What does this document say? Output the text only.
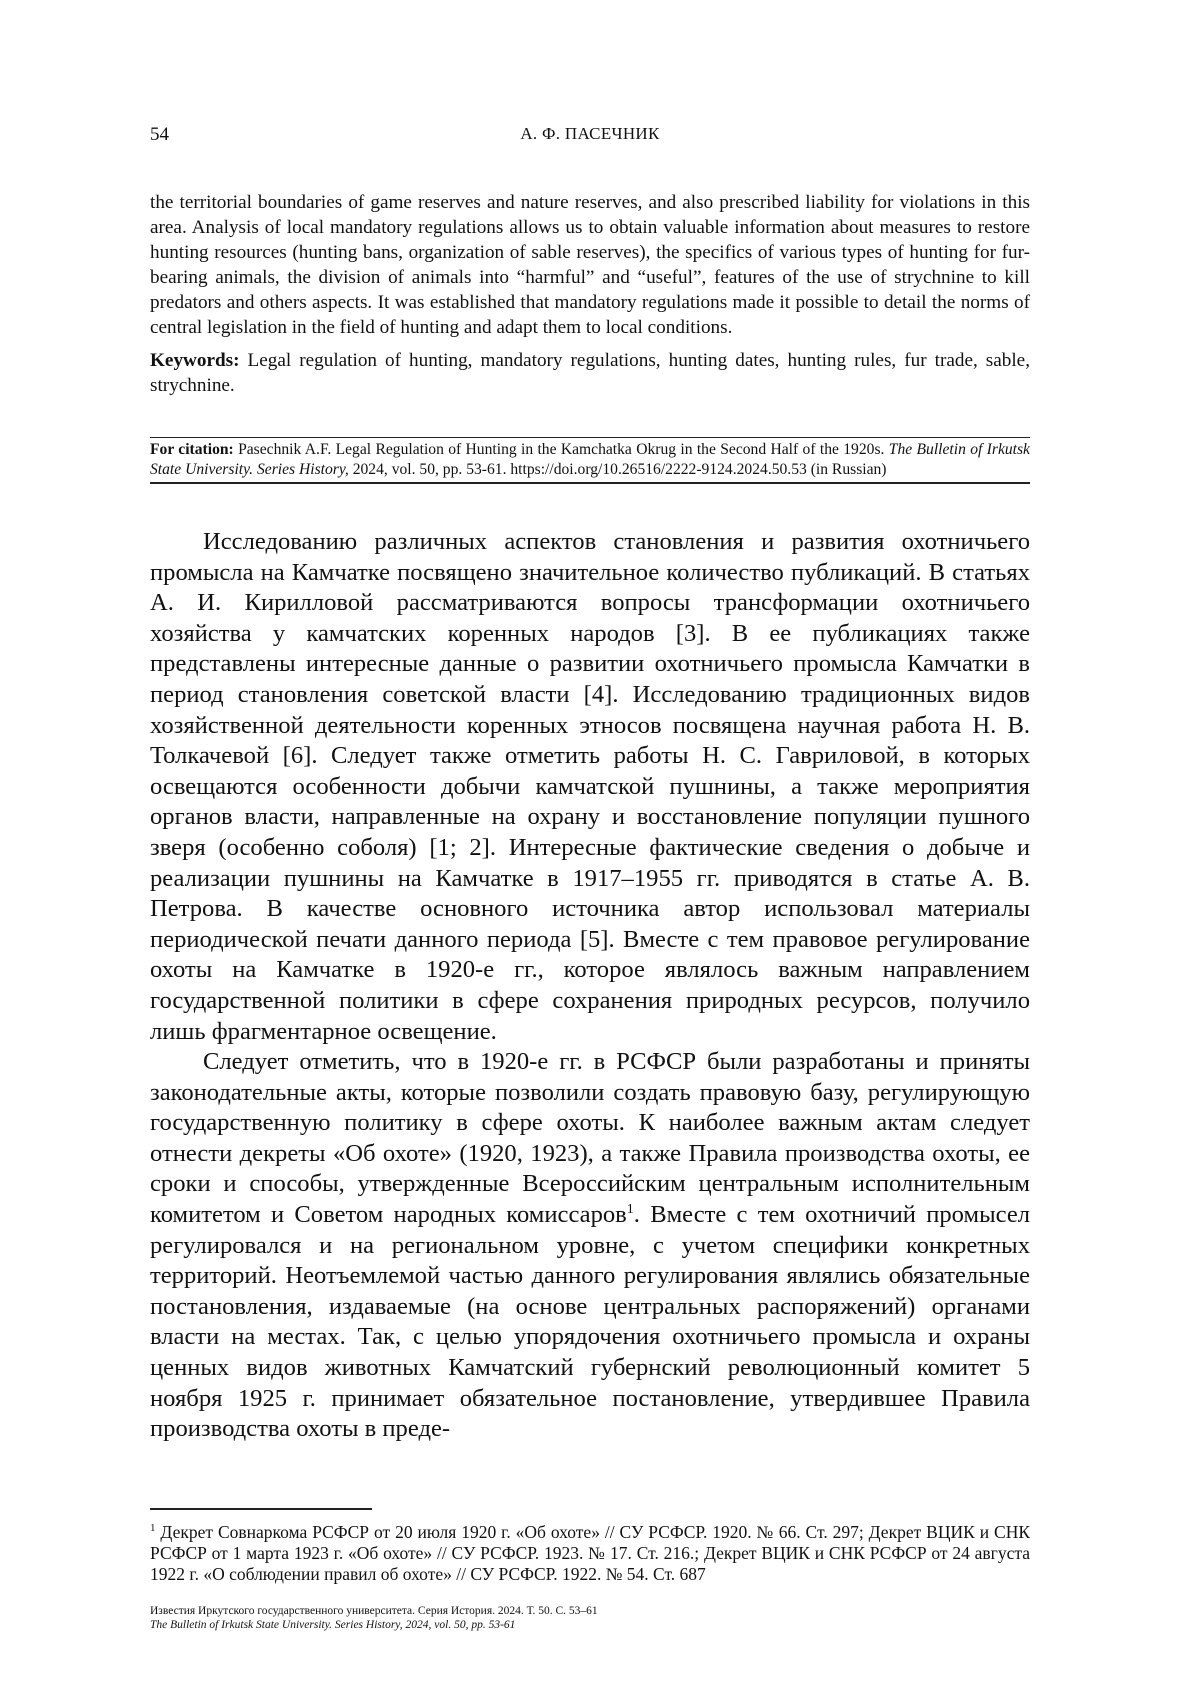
54	А. Ф. ПАСЕЧНИК

the territorial boundaries of game reserves and nature reserves, and also prescribed liability for violations in this area. Analysis of local mandatory regulations allows us to obtain valuable information about measures to restore hunting resources (hunting bans, organization of sable reserves), the specifics of various types of hunting for fur-bearing animals, the division of animals into “harmful” and “useful”, features of the use of strychnine to kill predators and others aspects. It was established that mandatory regulations made it possible to detail the norms of central legislation in the field of hunting and adapt them to local conditions.

Keywords: Legal regulation of hunting, mandatory regulations, hunting dates, hunting rules, fur trade, sable, strychnine.

For citation: Pasechnik A.F. Legal Regulation of Hunting in the Kamchatka Okrug in the Second Half of the 1920s. The Bulletin of Irkutsk State University. Series History, 2024, vol. 50, pp. 53-61. https://doi.org/10.26516/2222-9124.2024.50.53 (in Russian)

Исследованию различных аспектов становления и развития охотничьего промысла на Камчатке посвящено значительное количество публикаций. В статьях А. И. Кирилловой рассматриваются вопросы трансформации охотничьего хозяйства у камчатских коренных народов [3]. В ее публикациях также представлены интересные данные о развитии охотничьего промысла Камчатки в период становления советской власти [4]. Исследованию традиционных видов хозяйственной деятельности коренных этносов посвящена научная работа Н. В. Толкачевой [6]. Следует также отметить работы Н. С. Гавриловой, в которых освещаются особенности добычи камчатской пушнины, а также мероприятия органов власти, направленные на охрану и восстановление популяции пушного зверя (особенно соболя) [1; 2]. Интересные фактические сведения о добыче и реализации пушнины на Камчатке в 1917–1955 гг. приводятся в статье А. В. Петрова. В качестве основного источника автор использовал материалы периодической печати данного периода [5]. Вместе с тем правовое регулирование охоты на Камчатке в 1920-е гг., которое являлось важным направлением государственной политики в сфере сохранения природных ресурсов, получило лишь фрагментарное освещение.

Следует отметить, что в 1920-е гг. в РСФСР были разработаны и приняты законодательные акты, которые позволили создать правовую базу, регулирующую государственную политику в сфере охоты. К наиболее важным актам следует отнести декреты «Об охоте» (1920, 1923), а также Правила производства охоты, ее сроки и способы, утвержденные Всероссийским центральным исполнительным комитетом и Советом народных комиссаров$^1$. Вместе с тем охотничий промысел регулировался и на региональном уровне, с учетом специфики конкретных территорий. Неотъемлемой частью данного регулирования являлись обязательные постановления, издаваемые (на основе центральных распоряжений) органами власти на местах. Так, с целью упорядочения охотничьего промысла и охраны ценных видов животных Камчатский губернский революционный комитет 5 ноября 1925 г. принимает обязательное постановление, утвердившее Правила производства охоты в преде-

$^1$ Декрет Совнаркома РСФСР от 20 июля 1920 г. «Об охоте» // СУ РСФСР. 1920. № 66. Ст. 297; Декрет ВЦИК и СНК РСФСР от 1 марта 1923 г. «Об охоте» // СУ РСФСР. 1923. № 17. Ст. 216.; Декрет ВЦИК и СНК РСФСР от 24 августа 1922 г. «О соблюдении правил об охоте» // СУ РСФСР. 1922. № 54. Ст. 687
Известия Иркутского государственного университета. Серия История. 2024. Т. 50. С. 53–61
The Bulletin of Irkutsk State University. Series History, 2024, vol. 50, pp. 53-61
